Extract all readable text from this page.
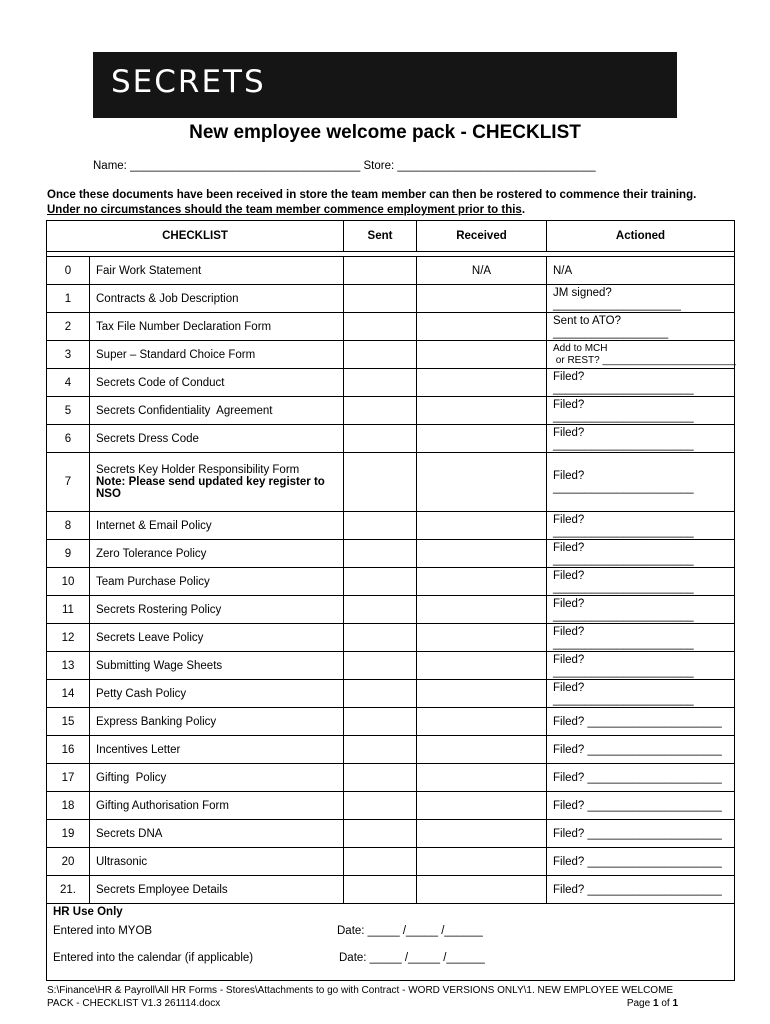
SECRETS
New employee welcome pack - CHECKLIST
Name: ____________________________________ Store: _______________________________
Once these documents have been received in store the team member can then be rostered to commence their training.
Under no circumstances should the team member commence employment prior to this.
CHECKLIST		Sent	Received	Actioned

0	Fair Work Statement		N/A	N/A
1	Contracts & Job Description			JM signed? ____________________
2	Tax File Number Declaration Form			Sent to ATO? __________________
3	Super – Standard Choice Form			Add to MCH
or REST? ________________________

4	Secrets Code of Conduct			Filed? ______________________
5	Secrets Confidentiality  Agreement			Filed? ______________________
6	Secrets Dress Code			Filed? ______________________
7	Secrets Key Holder Responsibility Form
Note: Please send updated key register to NSO			Filed? ______________________
8	Internet & Email Policy			Filed? ______________________
9	Zero Tolerance Policy			Filed? ______________________
10	Team Purchase Policy			Filed? ______________________
11	Secrets Rostering Policy			Filed? ______________________
12	Secrets Leave Policy			Filed? ______________________
13	Submitting Wage Sheets			Filed? ______________________
14	Petty Cash Policy			Filed? ______________________
15	Express Banking Policy			Filed? _____________________
16	Incentives Letter			Filed? _____________________
17	Gifting  Policy			Filed? _____________________
18	Gifting Authorisation Form			Filed? _____________________
19	Secrets DNA			Filed? _____________________
20	Ultrasonic			Filed? _____________________
21.	Secrets Employee Details			Filed? _____________________

HR Use Only
Entered into MYOB Date: _____ /_____ /______
Entered into the calendar (if applicable) Date: _____ /_____ /______				
S:\Finance\HR & Payroll\All HR Forms - Stores\Attachments to go with Contract - WORD VERSIONS ONLY\1. NEW EMPLOYEE WELCOME
PACK - CHECKLIST V1.3 261114.docx	Page 1 of 1
